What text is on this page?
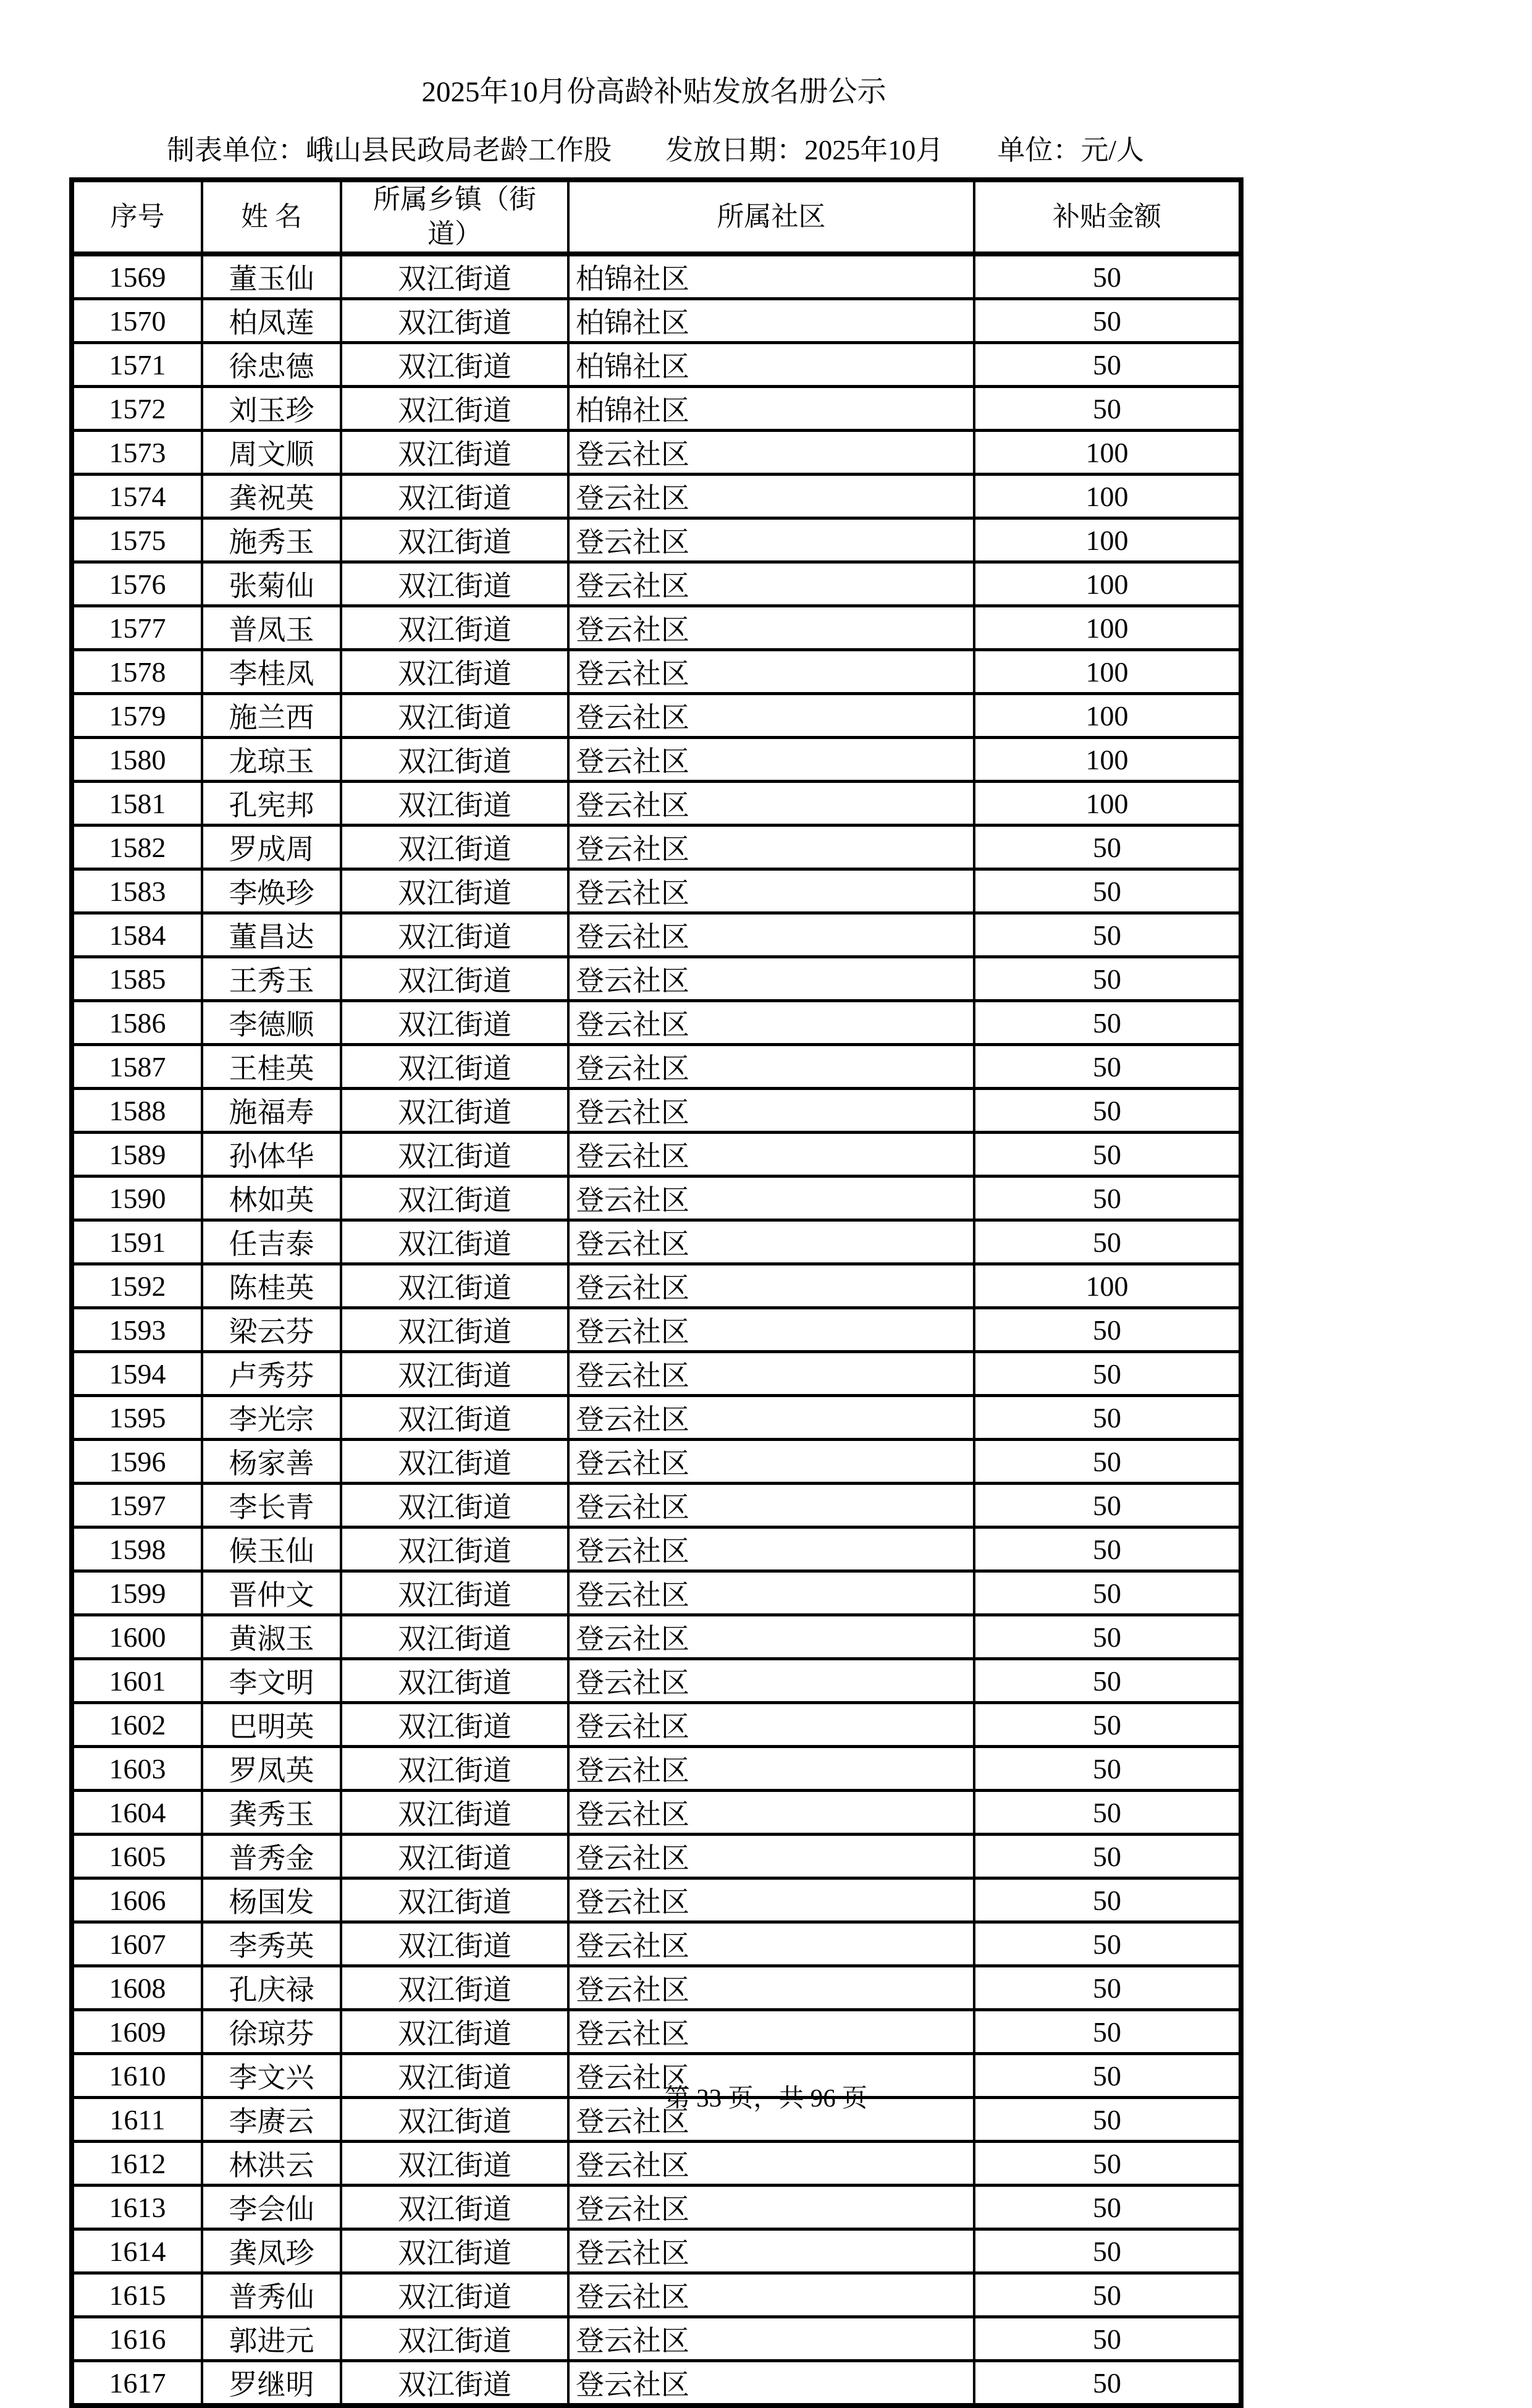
2025年10月份高龄补贴发放名册公示
制表单位：峨山县民政局老龄工作股 发放日期：2025年10月 单位：元/人
序号	姓 名	所属乡镇（街道）	所属社区	补贴金额
1569	董玉仙	双江街道	柏锦社区	50
1570	柏凤莲	双江街道	柏锦社区	50
1571	徐忠德	双江街道	柏锦社区	50
1572	刘玉珍	双江街道	柏锦社区	50
1573	周文顺	双江街道	登云社区	100
1574	龚祝英	双江街道	登云社区	100
1575	施秀玉	双江街道	登云社区	100
1576	张菊仙	双江街道	登云社区	100
1577	普凤玉	双江街道	登云社区	100
1578	李桂凤	双江街道	登云社区	100
1579	施兰西	双江街道	登云社区	100
1580	龙琼玉	双江街道	登云社区	100
1581	孔宪邦	双江街道	登云社区	100
1582	罗成周	双江街道	登云社区	50
1583	李焕珍	双江街道	登云社区	50
1584	董昌达	双江街道	登云社区	50
1585	王秀玉	双江街道	登云社区	50
1586	李德顺	双江街道	登云社区	50
1587	王桂英	双江街道	登云社区	50
1588	施福寿	双江街道	登云社区	50
1589	孙体华	双江街道	登云社区	50
1590	林如英	双江街道	登云社区	50
1591	任吉泰	双江街道	登云社区	50
1592	陈桂英	双江街道	登云社区	100
1593	梁云芬	双江街道	登云社区	50
1594	卢秀芬	双江街道	登云社区	50
1595	李光宗	双江街道	登云社区	50
1596	杨家善	双江街道	登云社区	50
1597	李长青	双江街道	登云社区	50
1598	候玉仙	双江街道	登云社区	50
1599	晋仲文	双江街道	登云社区	50
1600	黄淑玉	双江街道	登云社区	50
1601	李文明	双江街道	登云社区	50
1602	巴明英	双江街道	登云社区	50
1603	罗凤英	双江街道	登云社区	50
1604	龚秀玉	双江街道	登云社区	50
1605	普秀金	双江街道	登云社区	50
1606	杨国发	双江街道	登云社区	50
1607	李秀英	双江街道	登云社区	50
1608	孔庆禄	双江街道	登云社区	50
1609	徐琼芬	双江街道	登云社区	50
1610	李文兴	双江街道	登云社区	50
1611	李赓云	双江街道	登云社区	50
1612	林洪云	双江街道	登云社区	50
1613	李会仙	双江街道	登云社区	50
1614	龚凤珍	双江街道	登云社区	50
1615	普秀仙	双江街道	登云社区	50
1616	郭进元	双江街道	登云社区	50
1617	罗继明	双江街道	登云社区	50
第 33 页，共 96 页
